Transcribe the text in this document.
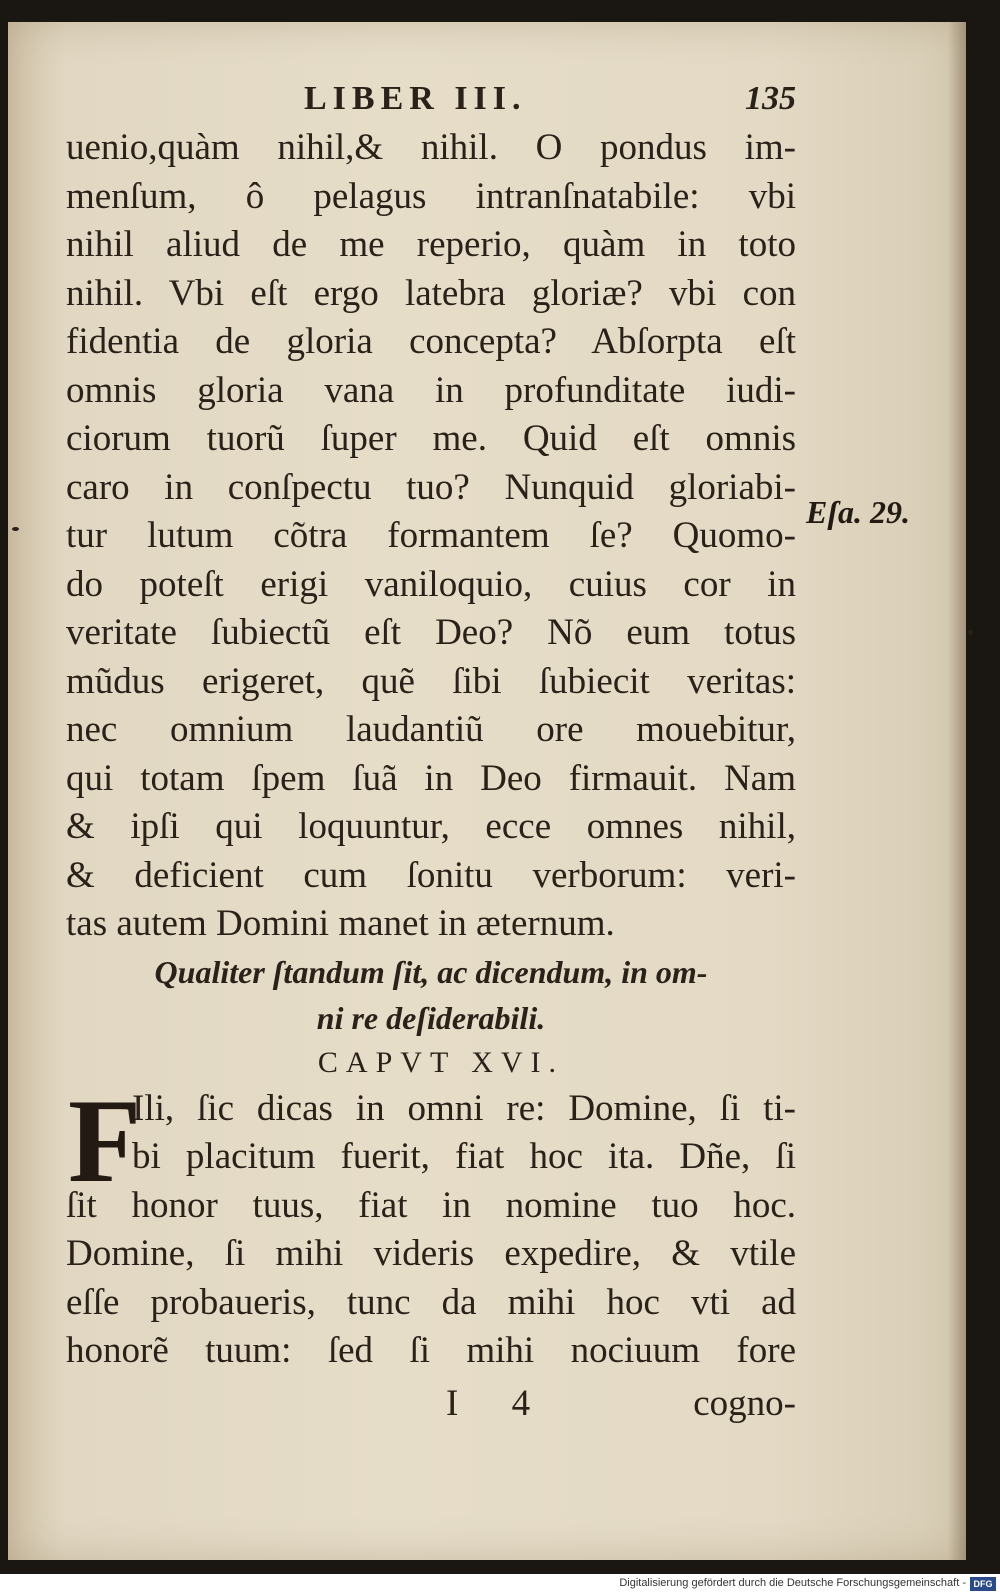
LIBER III.	135
uenio,quàm nihil,& nihil. O pondus im-
menſum, ô pelagus intranſnatabile: vbi
nihil aliud de me reperio, quàm in toto
nihil. Vbi eſt ergo latebra gloriæ? vbi con
fidentia de gloria concepta? Abſorpta eſt
omnis gloria vana in profunditate iudi-
ciorum tuorũ ſuper me. Quid eſt omnis
caro in conſpectu tuo? Nunquid gloriabi-
tur lutum cõtra formantem ſe? Quomo-
do poteſt erigi vaniloquio, cuius cor in
veritate ſubiectũ eſt Deo? Nõ eum totus
mũdus erigeret, quẽ ſibi ſubiecit veritas:
nec omnium laudantiũ ore mouebitur,
qui totam ſpem ſuã in Deo firmauit. Nam
& ipſi qui loquuntur, ecce omnes nihil,
& deficient cum ſonitu verborum: veri-
tas autem Domini manet in æternum.
Qualiter ſtandum ſit, ac dicendum, in om-
ni re deſiderabili.
CAPVT XVI.
F
Ili, ſic dicas in omni re: Domine, ſi ti-
bi placitum fuerit, fiat hoc ita. Dñe, ſi
ſit honor tuus, fiat in nomine tuo hoc.
Domine, ſi mihi videris expedire, & vtile
eſſe probaueris, tunc da mihi hoc vti ad
honorẽ tuum: ſed ſi mihi nociuum fore
I 4	cogno-
Eſa. 29.
Digitalisierung gefördert durch die Deutsche Forschungsgemeinschaft - DFG
